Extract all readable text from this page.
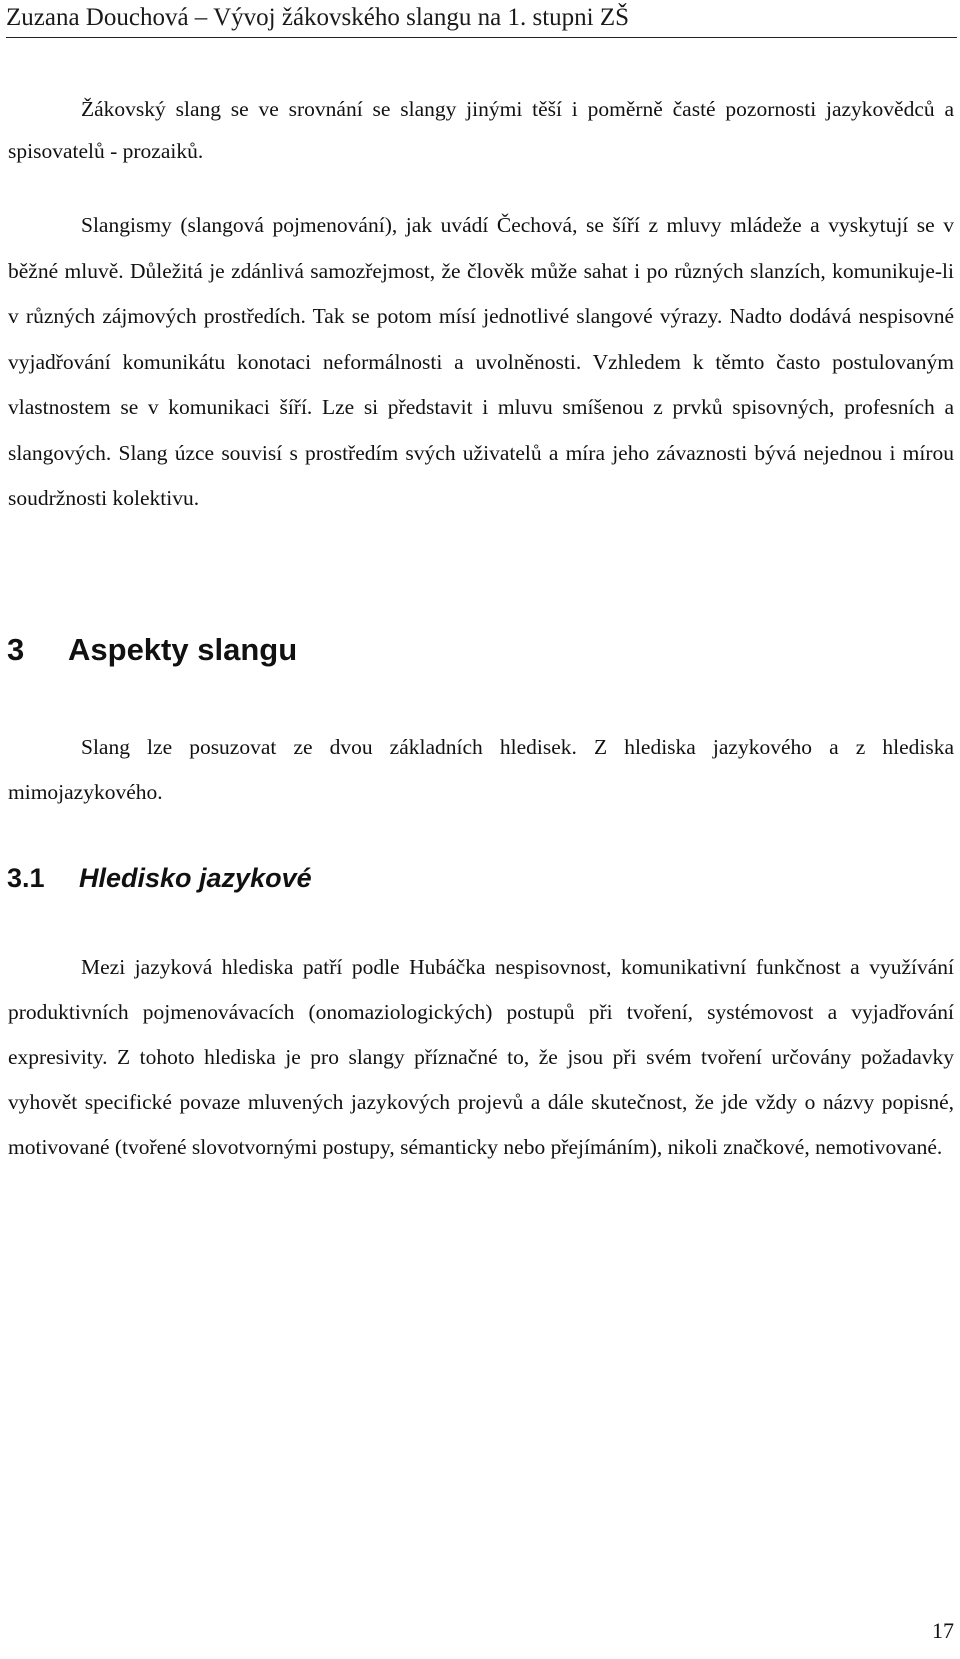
Zuzana Douchová – Vývoj žákovského slangu na 1. stupni ZŠ

Žákovský slang se ve srovnání se slangy jinými těší i poměrně časté pozornosti jazykovědců a spisovatelů - prozaiků.

Slangismy (slangová pojmenování), jak uvádí Čechová, se šíří z mluvy mládeže a vyskytují se v běžné mluvě. Důležitá je zdánlivá samozřejmost, že člověk může sahat i po různých slanzích, komunikuje-li v různých zájmových prostředích. Tak se potom mísí jednotlivé slangové výrazy. Nadto dodává nespisovné vyjadřování komunikátu konotaci neformálnosti a uvolněnosti. Vzhledem k těmto často postulovaným vlastnostem se v komunikaci šíří. Lze si představit i mluvu smíšenou z prvků spisovných, profesních a slangových. Slang úzce souvisí s prostředím svých uživatelů a míra jeho závaznosti bývá nejednou i mírou soudržnosti kolektivu.

3 Aspekty slangu

Slang lze posuzovat ze dvou základních hledisek. Z hlediska jazykového a z hlediska mimojazykového.

3.1 Hledisko jazykové

Mezi jazyková hlediska patří podle Hubáčka nespisovnost, komunikativní funkčnost a využívání produktivních pojmenovávacích (onomaziologických) postupů při tvoření, systémovost a vyjadřování expresivity. Z tohoto hlediska je pro slangy příznačné to, že jsou při svém tvoření určovány požadavky vyhovět specifické povaze mluvených jazykových projevů a dále skutečnost, že jde vždy o názvy popisné, motivované (tvořené slovotvornými postupy, sémanticky nebo přejímáním), nikoli značkové, nemotivované.

17
